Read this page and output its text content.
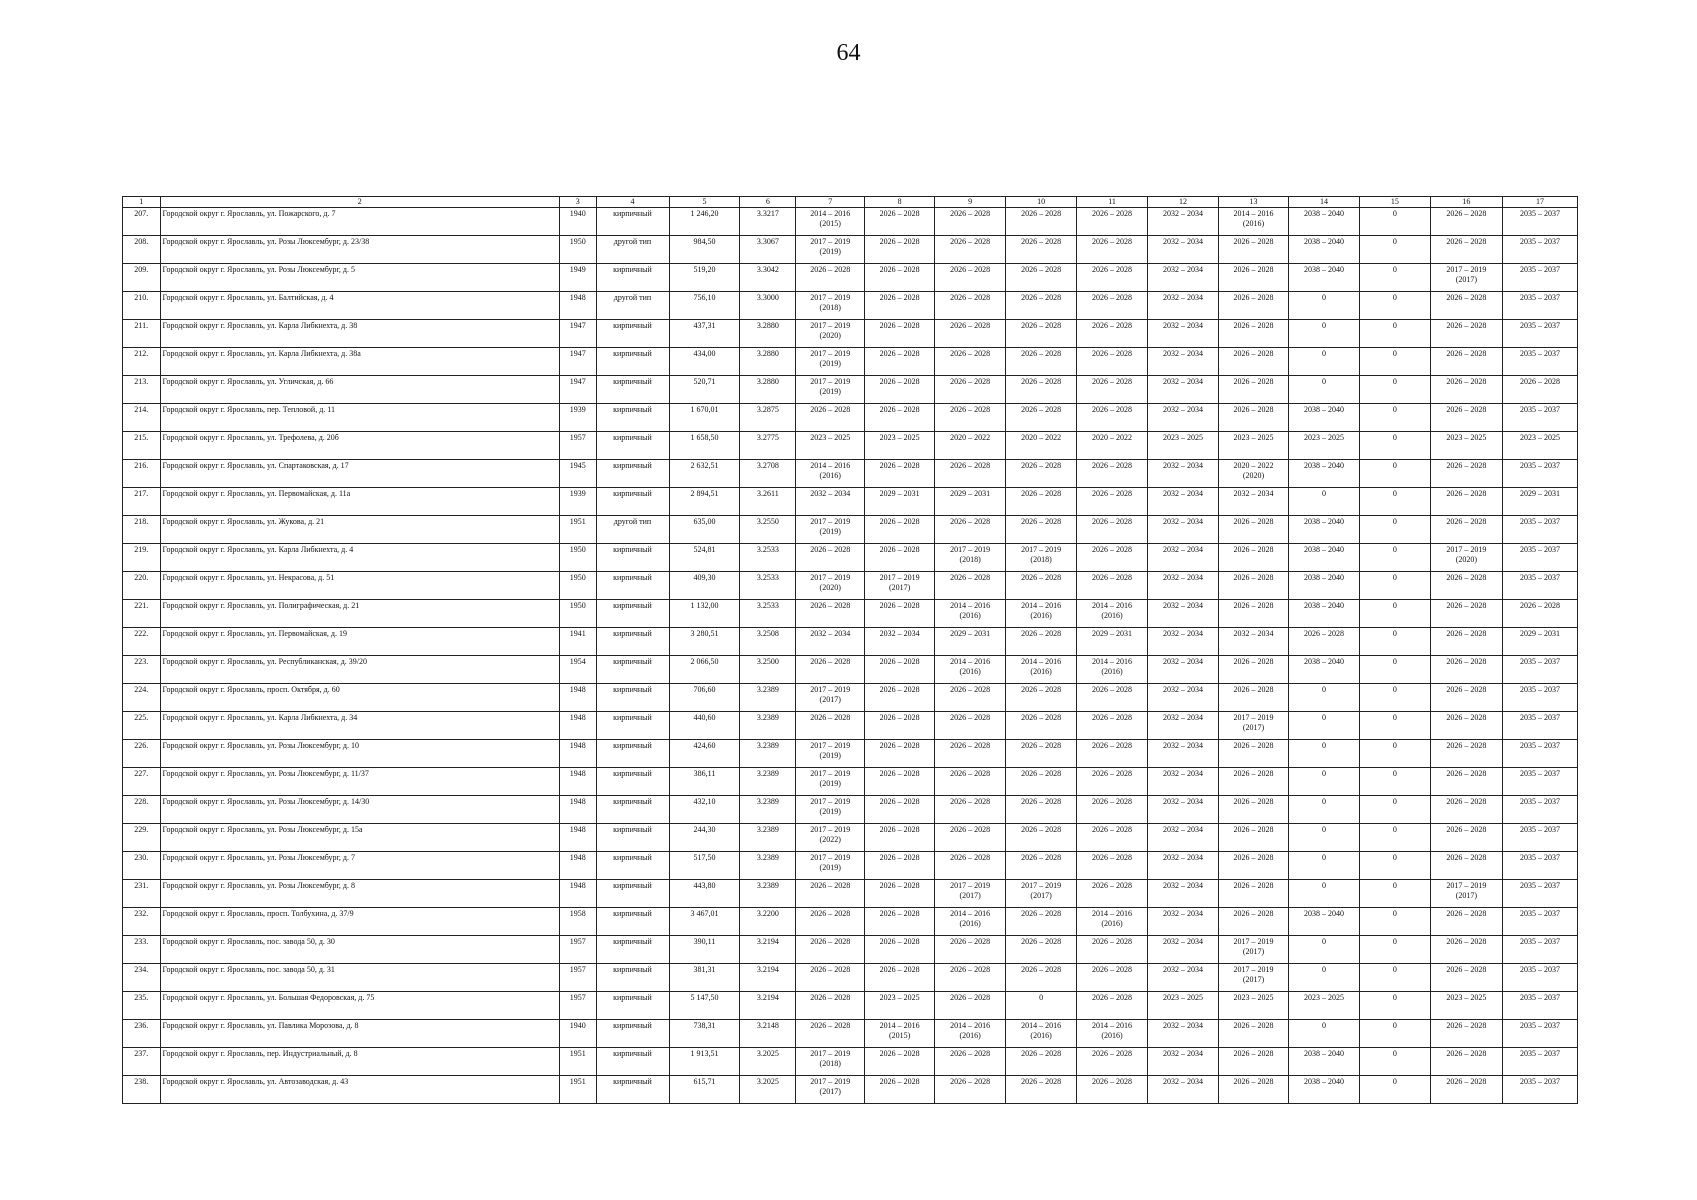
64
1	2	3	4	5	6	7	8	9	10	11	12	13	14	15	16	17

207.	Городской округ г. Ярославль, ул. Пожарского, д. 7	1940	кирпичный	1 246,20	3.3217	2014 – 2016
(2015)	2026 – 2028	2026 – 2028	2026 – 2028	2026 – 2028	2032 – 2034	2014 – 2016
(2016)	2038 – 2040	0	2026 – 2028	2035 – 2037

208.	Городской округ г. Ярославль, ул. Розы Люксембург, д. 23/38	1950	другой тип	984,50	3.3067	2017 – 2019
(2019)	2026 – 2028	2026 – 2028	2026 – 2028	2026 – 2028	2032 – 2034	2026 – 2028	2038 – 2040	0	2026 – 2028	2035 – 2037

209.	Городской округ г. Ярославль, ул. Розы Люксембург, д. 5	1949	кирпичный	519,20	3.3042	2026 – 2028	2026 – 2028	2026 – 2028	2026 – 2028	2026 – 2028	2032 – 2034	2026 – 2028	2038 – 2040	0	2017 – 2019
(2017)	2035 – 2037

210.	Городской округ г. Ярославль, ул. Балтийская, д. 4	1948	другой тип	756,10	3.3000	2017 – 2019
(2018)	2026 – 2028	2026 – 2028	2026 – 2028	2026 – 2028	2032 – 2034	2026 – 2028	0	0	2026 – 2028	2035 – 2037

211.	Городской округ г. Ярославль, ул. Карла Либкнехта, д. 38	1947	кирпичный	437,31	3.2880	2017 – 2019
(2020)	2026 – 2028	2026 – 2028	2026 – 2028	2026 – 2028	2032 – 2034	2026 – 2028	0	0	2026 – 2028	2035 – 2037

212.	Городской округ г. Ярославль, ул. Карла Либкнехта, д. 38а	1947	кирпичный	434,00	3.2880	2017 – 2019
(2019)	2026 – 2028	2026 – 2028	2026 – 2028	2026 – 2028	2032 – 2034	2026 – 2028	0	0	2026 – 2028	2035 – 2037

213.	Городской округ г. Ярославль, ул. Угличская, д. 66	1947	кирпичный	520,71	3.2880	2017 – 2019
(2019)	2026 – 2028	2026 – 2028	2026 – 2028	2026 – 2028	2032 – 2034	2026 – 2028	0	0	2026 – 2028	2026 – 2028

214.	Городской округ г. Ярославль, пер. Тепловой, д. 11	1939	кирпичный	1 670,01	3.2875	2026 – 2028	2026 – 2028	2026 – 2028	2026 – 2028	2026 – 2028	2032 – 2034	2026 – 2028	2038 – 2040	0	2026 – 2028	2035 – 2037

215.	Городской округ г. Ярославль, ул. Трефолева, д. 20б	1957	кирпичный	1 658,50	3.2775	2023 – 2025	2023 – 2025	2020 – 2022	2020 – 2022	2020 – 2022	2023 – 2025	2023 – 2025	2023 – 2025	0	2023 – 2025	2023 – 2025

216.	Городской округ г. Ярославль, ул. Спартаковская, д. 17	1945	кирпичный	2 632,51	3.2708	2014 – 2016
(2016)	2026 – 2028	2026 – 2028	2026 – 2028	2026 – 2028	2032 – 2034	2020 – 2022
(2020)	2038 – 2040	0	2026 – 2028	2035 – 2037

217.	Городской округ г. Ярославль, ул. Первомайская, д. 11а	1939	кирпичный	2 894,51	3.2611	2032 – 2034	2029 – 2031	2029 – 2031	2026 – 2028	2026 – 2028	2032 – 2034	2032 – 2034	0	0	2026 – 2028	2029 – 2031

218.	Городской округ г. Ярославль, ул. Жукова, д. 21	1951	другой тип	635,00	3.2550	2017 – 2019
(2019)	2026 – 2028	2026 – 2028	2026 – 2028	2026 – 2028	2032 – 2034	2026 – 2028	2038 – 2040	0	2026 – 2028	2035 – 2037

219.	Городской округ г. Ярославль, ул. Карла Либкнехта, д. 4	1950	кирпичный	524,81	3.2533	2026 – 2028	2026 – 2028	2017 – 2019
(2018)	2017 – 2019
(2018)	2026 – 2028	2032 – 2034	2026 – 2028	2038 – 2040	0	2017 – 2019
(2020)	2035 – 2037

220.	Городской округ г. Ярославль, ул. Некрасова, д. 51	1950	кирпичный	409,30	3.2533	2017 – 2019
(2020)	2017 – 2019
(2017)	2026 – 2028	2026 – 2028	2026 – 2028	2032 – 2034	2026 – 2028	2038 – 2040	0	2026 – 2028	2035 – 2037

221.	Городской округ г. Ярославль, ул. Полиграфическая, д. 21	1950	кирпичный	1 132,00	3.2533	2026 – 2028	2026 – 2028	2014 – 2016
(2016)	2014 – 2016
(2016)	2014 – 2016
(2016)	2032 – 2034	2026 – 2028	2038 – 2040	0	2026 – 2028	2026 – 2028

222.	Городской округ г. Ярославль, ул. Первомайская, д. 19	1941	кирпичный	3 280,51	3.2508	2032 – 2034	2032 – 2034	2029 – 2031	2026 – 2028	2029 – 2031	2032 – 2034	2032 – 2034	2026 – 2028	0	2026 – 2028	2029 – 2031

223.	Городской округ г. Ярославль, ул. Республиканская, д. 39/20	1954	кирпичный	2 066,50	3.2500	2026 – 2028	2026 – 2028	2014 – 2016
(2016)	2014 – 2016
(2016)	2014 – 2016
(2016)	2032 – 2034	2026 – 2028	2038 – 2040	0	2026 – 2028	2035 – 2037

224.	Городской округ г. Ярославль, просп. Октября, д. 60	1948	кирпичный	706,60	3.2389	2017 – 2019
(2017)	2026 – 2028	2026 – 2028	2026 – 2028	2026 – 2028	2032 – 2034	2026 – 2028	0	0	2026 – 2028	2035 – 2037

225.	Городской округ г. Ярославль, ул. Карла Либкнехта, д. 34	1948	кирпичный	440,60	3.2389	2026 – 2028	2026 – 2028	2026 – 2028	2026 – 2028	2026 – 2028	2032 – 2034	2017 – 2019
(2017)	0	0	2026 – 2028	2035 – 2037

226.	Городской округ г. Ярославль, ул. Розы Люксембург, д. 10	1948	кирпичный	424,60	3.2389	2017 – 2019
(2019)	2026 – 2028	2026 – 2028	2026 – 2028	2026 – 2028	2032 – 2034	2026 – 2028	0	0	2026 – 2028	2035 – 2037

227.	Городской округ г. Ярославль, ул. Розы Люксембург, д. 11/37	1948	кирпичный	386,11	3.2389	2017 – 2019
(2019)	2026 – 2028	2026 – 2028	2026 – 2028	2026 – 2028	2032 – 2034	2026 – 2028	0	0	2026 – 2028	2035 – 2037

228.	Городской округ г. Ярославль, ул. Розы Люксембург, д. 14/30	1948	кирпичный	432,10	3.2389	2017 – 2019
(2019)	2026 – 2028	2026 – 2028	2026 – 2028	2026 – 2028	2032 – 2034	2026 – 2028	0	0	2026 – 2028	2035 – 2037

229.	Городской округ г. Ярославль, ул. Розы Люксембург, д. 15а	1948	кирпичный	244,30	3.2389	2017 – 2019
(2022)	2026 – 2028	2026 – 2028	2026 – 2028	2026 – 2028	2032 – 2034	2026 – 2028	0	0	2026 – 2028	2035 – 2037

230.	Городской округ г. Ярославль, ул. Розы Люксембург, д. 7	1948	кирпичный	517,50	3.2389	2017 – 2019
(2019)	2026 – 2028	2026 – 2028	2026 – 2028	2026 – 2028	2032 – 2034	2026 – 2028	0	0	2026 – 2028	2035 – 2037

231.	Городской округ г. Ярославль, ул. Розы Люксембург, д. 8	1948	кирпичный	443,80	3.2389	2026 – 2028	2026 – 2028	2017 – 2019
(2017)	2017 – 2019
(2017)	2026 – 2028	2032 – 2034	2026 – 2028	0	0	2017 – 2019
(2017)	2035 – 2037

232.	Городской округ г. Ярославль, просп. Толбухина, д. 37/9	1958	кирпичный	3 467,01	3.2200	2026 – 2028	2026 – 2028	2014 – 2016
(2016)	2026 – 2028	2014 – 2016
(2016)	2032 – 2034	2026 – 2028	2038 – 2040	0	2026 – 2028	2035 – 2037

233.	Городской округ г. Ярославль, пос. завода 50, д. 30	1957	кирпичный	390,11	3.2194	2026 – 2028	2026 – 2028	2026 – 2028	2026 – 2028	2026 – 2028	2032 – 2034	2017 – 2019
(2017)	0	0	2026 – 2028	2035 – 2037

234.	Городской округ г. Ярославль, пос. завода 50, д. 31	1957	кирпичный	381,31	3.2194	2026 – 2028	2026 – 2028	2026 – 2028	2026 – 2028	2026 – 2028	2032 – 2034	2017 – 2019
(2017)	0	0	2026 – 2028	2035 – 2037

235.	Городской округ г. Ярославль, ул. Большая Федоровская, д. 75	1957	кирпичный	5 147,50	3.2194	2026 – 2028	2023 – 2025	2026 – 2028	0	2026 – 2028	2023 – 2025	2023 – 2025	2023 – 2025	0	2023 – 2025	2035 – 2037

236.	Городской округ г. Ярославль, ул. Павлика Морозова, д. 8	1940	кирпичный	738,31	3.2148	2026 – 2028	2014 – 2016
(2015)	2014 – 2016
(2016)	2014 – 2016
(2016)	2014 – 2016
(2016)	2032 – 2034	2026 – 2028	0	0	2026 – 2028	2035 – 2037

237.	Городской округ г. Ярославль, пер. Индустриальный, д. 8	1951	кирпичный	1 913,51	3.2025	2017 – 2019
(2018)	2026 – 2028	2026 – 2028	2026 – 2028	2026 – 2028	2032 – 2034	2026 – 2028	2038 – 2040	0	2026 – 2028	2035 – 2037

238.	Городской округ г. Ярославль, ул. Автозаводская, д. 43	1951	кирпичный	615,71	3.2025	2017 – 2019
(2017)	2026 – 2028	2026 – 2028	2026 – 2028	2026 – 2028	2032 – 2034	2026 – 2028	2038 – 2040	0	2026 – 2028	2035 – 2037
